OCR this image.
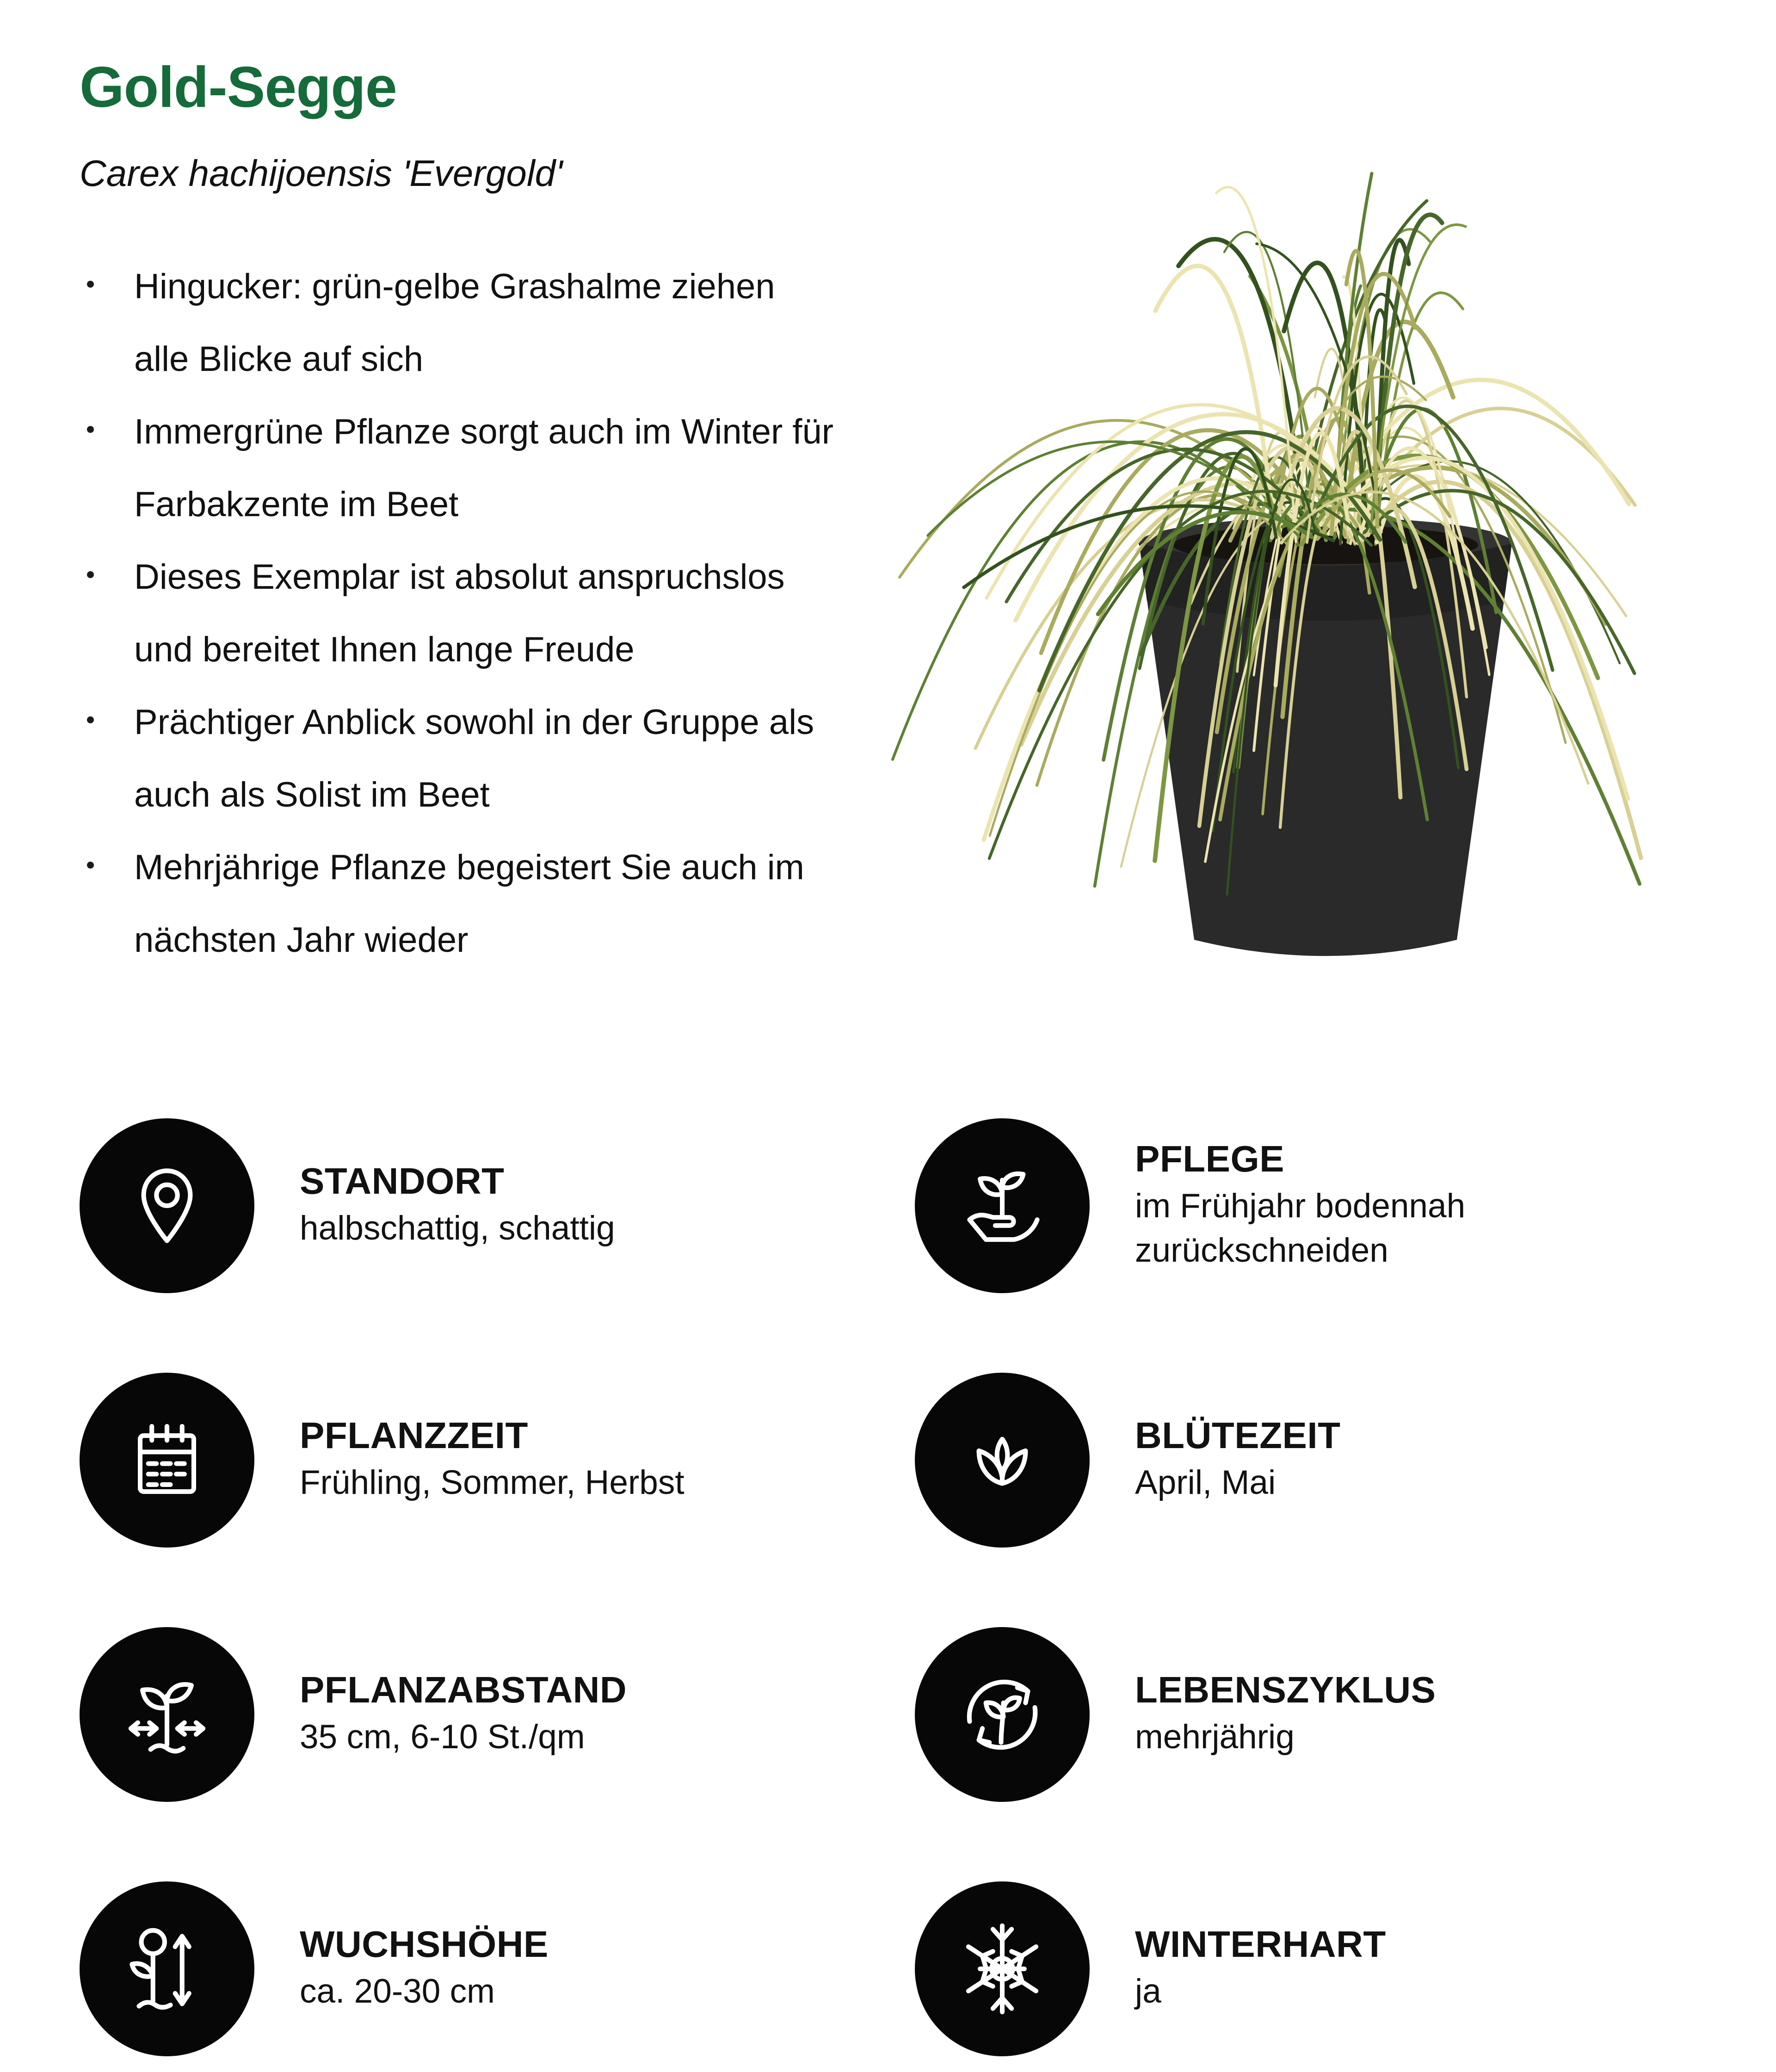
Gold-Segge

Carex hachijoensis 'Evergold'

Hingucker: grün-gelbe Grashalme ziehen alle Blicke auf sich
Immergrüne Pflanze sorgt auch im Winter für Farbakzente im Beet
Dieses Exemplar ist absolut anspruchslos und bereitet Ihnen lange Freude
Prächtiger Anblick sowohl in der Gruppe als auch als Solist im Beet
Mehrjährige Pflanze begeistert Sie auch im nächsten Jahr wieder
STANDORT
halbschattig, schattig
PFLEGE
im Frühjahr bodennah zurückschneiden
PFLANZZEIT
Frühling, Sommer, Herbst
BLÜTEZEIT
April, Mai
PFLANZABSTAND
35 cm, 6-10 St./qm
LEBENSZYKLUS
mehrjährig
WUCHSHÖHE
ca. 20-30 cm
WINTERHART
ja
